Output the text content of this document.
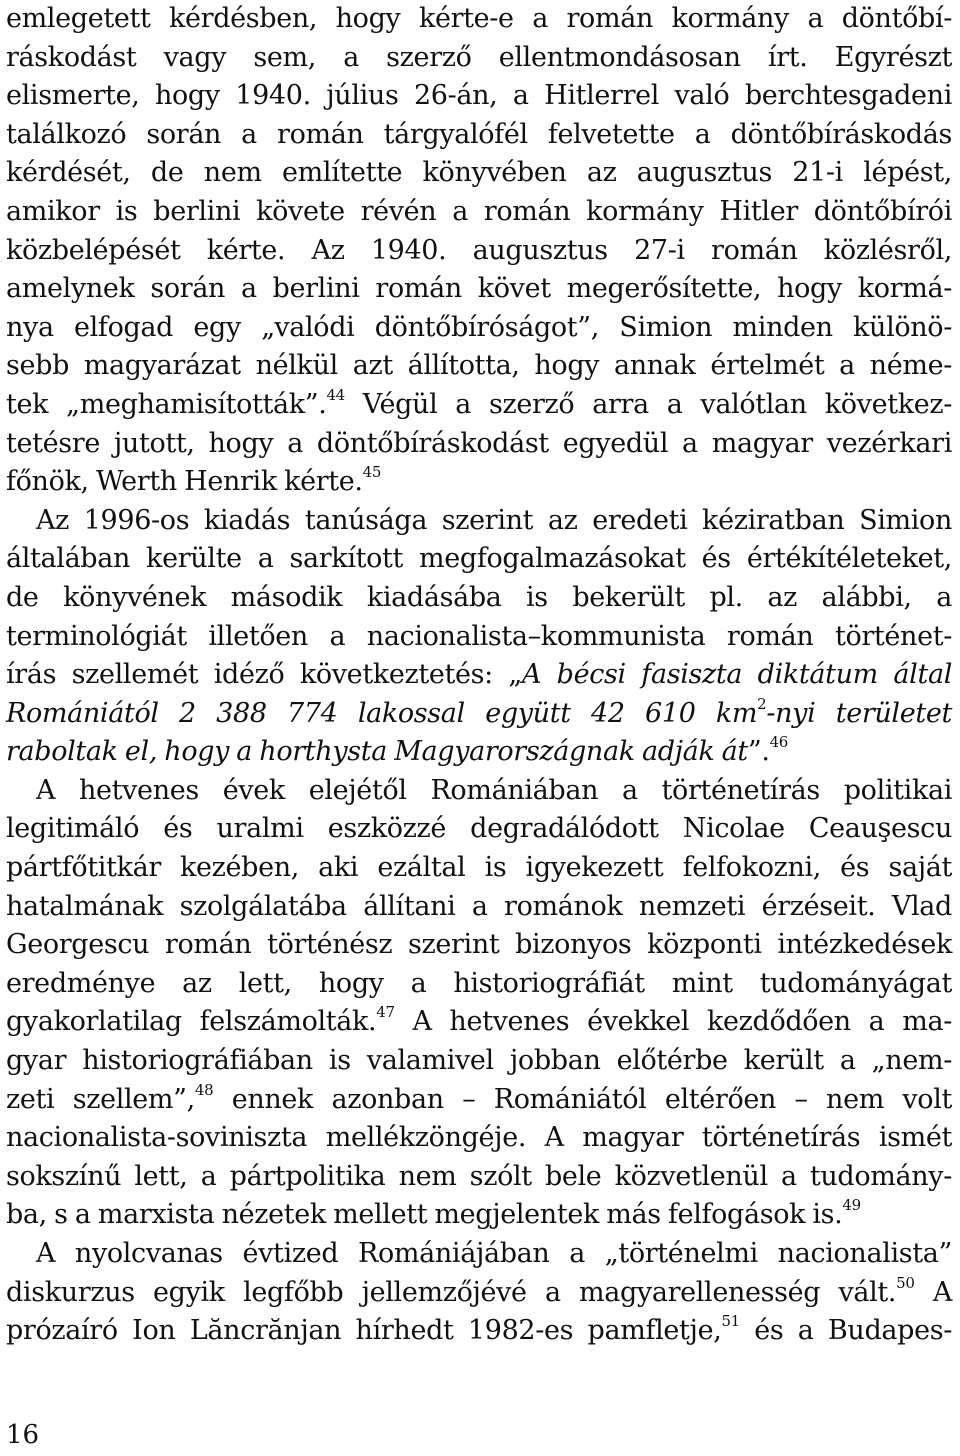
emlegetett kérdésben, hogy kérte-e a román kormány a döntőbí-
ráskodást vagy sem, a szerző ellentmondásosan írt. Egyrészt
elismerte, hogy 1940. július 26-án, a Hitlerrel való berchtesgadeni
találkozó során a román tárgyalófél felvetette a döntőbíráskodás
kérdését, de nem említette könyvében az augusztus 21-i lépést,
amikor is berlini követe révén a román kormány Hitler döntőbírói
közbelépését kérte. Az 1940. augusztus 27-i román közlésről,
amelynek során a berlini román követ megerősítette, hogy kormá-
nya elfogad egy „valódi döntőbíróságot”, Simion minden különö-
sebb magyarázat nélkül azt állította, hogy annak értelmét a néme-
tek „meghamisították”.$^{44}$ Végül a szerző arra a valótlan következ-
tetésre jutott, hogy a döntőbíráskodást egyedül a magyar vezérkari
főnök, Werth Henrik kérte.$^{45}$
Az 1996-os kiadás tanúsága szerint az eredeti kéziratban Simion
általában kerülte a sarkított megfogalmazásokat és értékítéleteket,
de könyvének második kiadásába is bekerült pl. az alábbi, a
terminológiát illetően a nacionalista–kommunista román történet-
írás szellemét idéző következtetés: „A bécsi fasiszta diktátum által
Romániától 2 388 774 lakossal együtt 42 610 $km^2$-nyi területet
raboltak el, hogy a horthysta Magyarországnak adják át”.$^{46}$
A hetvenes évek elejétől Romániában a történetírás politikai
legitimáló és uralmi eszközzé degradálódott Nicolae Ceauşescu
pártfőtitkár kezében, aki ezáltal is igyekezett felfokozni, és saját
hatalmának szolgálatába állítani a románok nemzeti érzéseit. Vlad
Georgescu román történész szerint bizonyos központi intézkedések
eredménye az lett, hogy a historiográfiát mint tudományágat
gyakorlatilag felszámolták.$^{47}$ A hetvenes évekkel kezdődően a ma-
gyar historiográfiában is valamivel jobban előtérbe került a „nem-
zeti szellem”,$^{48}$ ennek azonban – Romániától eltérően – nem volt
nacionalista-soviniszta mellékzöngéje. A magyar történetírás ismét
sokszínű lett, a pártpolitika nem szólt bele közvetlenül a tudomány-
ba, s a marxista nézetek mellett megjelentek más felfogások is.$^{49}$
A nyolcvanas évtized Romániájában a „történelmi nacionalista”
diskurzus egyik legfőbb jellemzőjévé a magyarellenesség vált.$^{50}$ A
prózaíró Ion Lăncrănjan hírhedt 1982-es pamfletje,$^{51}$ és a Budapes-
16
